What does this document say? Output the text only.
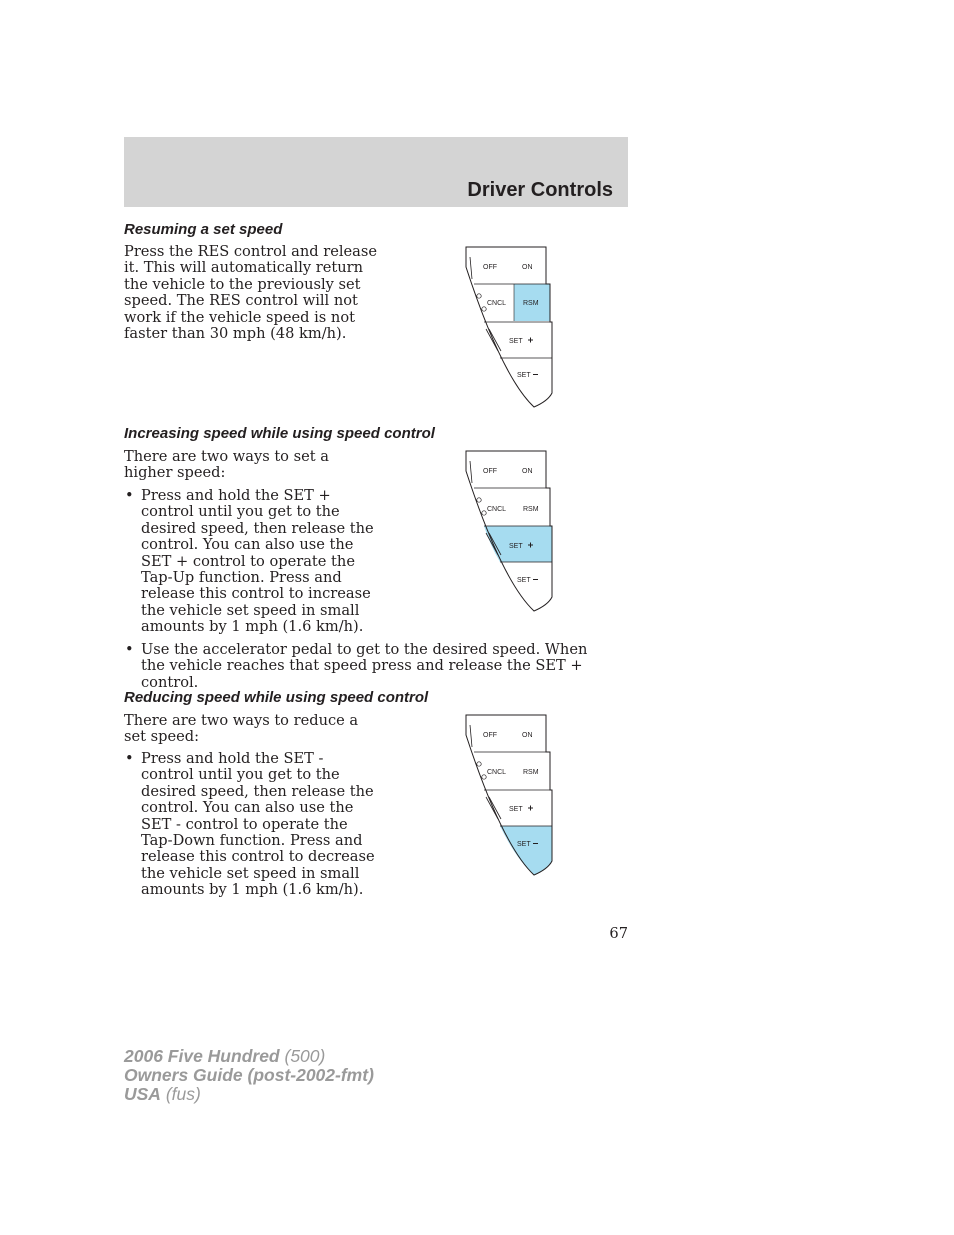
Driver Controls
Resuming a set speed

Press the RES control and release it. This will automatically return the vehicle to the previously set speed. The RES control will not work if the vehicle speed is not faster than 30 mph (48 km/h).

OFF	ON
CNCL RSM
SET
SET
Increasing speed while using speed control

There are two ways to set a higher speed:

• Press and hold the SET + control until you get to the desired speed, then release the control. You can also use the SET + control to operate the Tap-Up function. Press and release this control to increase the vehicle set speed in small amounts by 1 mph (1.6 km/h).
• Use the accelerator pedal to get to the desired speed. When the vehicle reaches that speed press and release the SET + control.
OFF	ON
CNCL RSM
SET
SET
Reducing speed while using speed control

There are two ways to reduce a set speed:

• Press and hold the SET - control until you get to the desired speed, then release the control. You can also use the SET - control to operate the Tap-Down function. Press and release this control to decrease the vehicle set speed in small amounts by 1 mph (1.6 km/h).
OFF	ON
CNCL RSM
SET
SET
67
2006 Five Hundred (500)
Owners Guide (post-2002-fmt)
USA (fus)
